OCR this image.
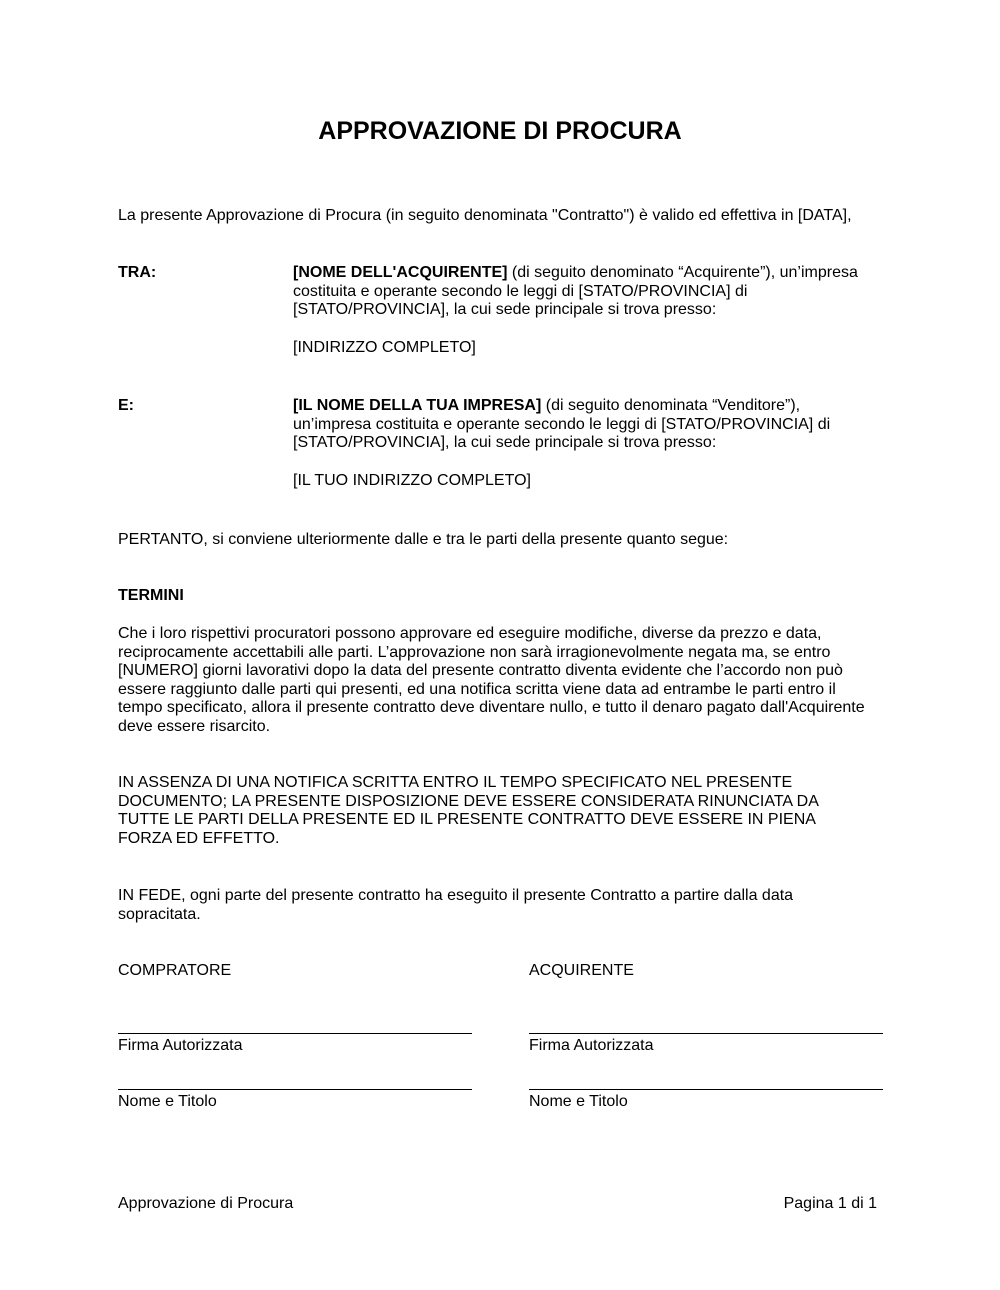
APPROVAZIONE DI PROCURA
La presente Approvazione di Procura (in seguito denominata "Contratto") è valido ed effettiva in [DATA],
TRA:	[NOME DELL'ACQUIRENTE] (di seguito denominato “Acquirente”), un’impresa
costituita e operante secondo le leggi di [STATO/PROVINCIA] di
[STATO/PROVINCIA], la cui sede principale si trova presso:
[INDIRIZZO COMPLETO]
E:	[IL NOME DELLA TUA IMPRESA] (di seguito denominata “Venditore”),
un’impresa costituita e operante secondo le leggi di [STATO/PROVINCIA] di
[STATO/PROVINCIA], la cui sede principale si trova presso:
[IL TUO INDIRIZZO COMPLETO]
PERTANTO, si conviene ulteriormente dalle e tra le parti della presente quanto segue:
TERMINI
Che i loro rispettivi procuratori possono approvare ed eseguire modifiche, diverse da prezzo e data,
reciprocamente accettabili alle parti. L’approvazione non sarà irragionevolmente negata ma, se entro
[NUMERO] giorni lavorativi dopo la data del presente contratto diventa evidente che l’accordo non può
essere raggiunto dalle parti qui presenti, ed una notifica scritta viene data ad entrambe le parti entro il
tempo specificato, allora il presente contratto deve diventare nullo, e tutto il denaro pagato dall'Acquirente
deve essere risarcito.
IN ASSENZA DI UNA NOTIFICA SCRITTA ENTRO IL TEMPO SPECIFICATO NEL PRESENTE
DOCUMENTO; LA PRESENTE DISPOSIZIONE DEVE ESSERE CONSIDERATA RINUNCIATA DA
TUTTE LE PARTI DELLA PRESENTE ED IL PRESENTE CONTRATTO DEVE ESSERE IN PIENA
FORZA ED EFFETTO.
IN FEDE, ogni parte del presente contratto ha eseguito il presente Contratto a partire dalla data
sopracitata.
COMPRATORE
Firma Autorizzata
Nome e Titolo
ACQUIRENTE
Firma Autorizzata
Nome e Titolo
Approvazione di Procura	Pagina 1 di 1
